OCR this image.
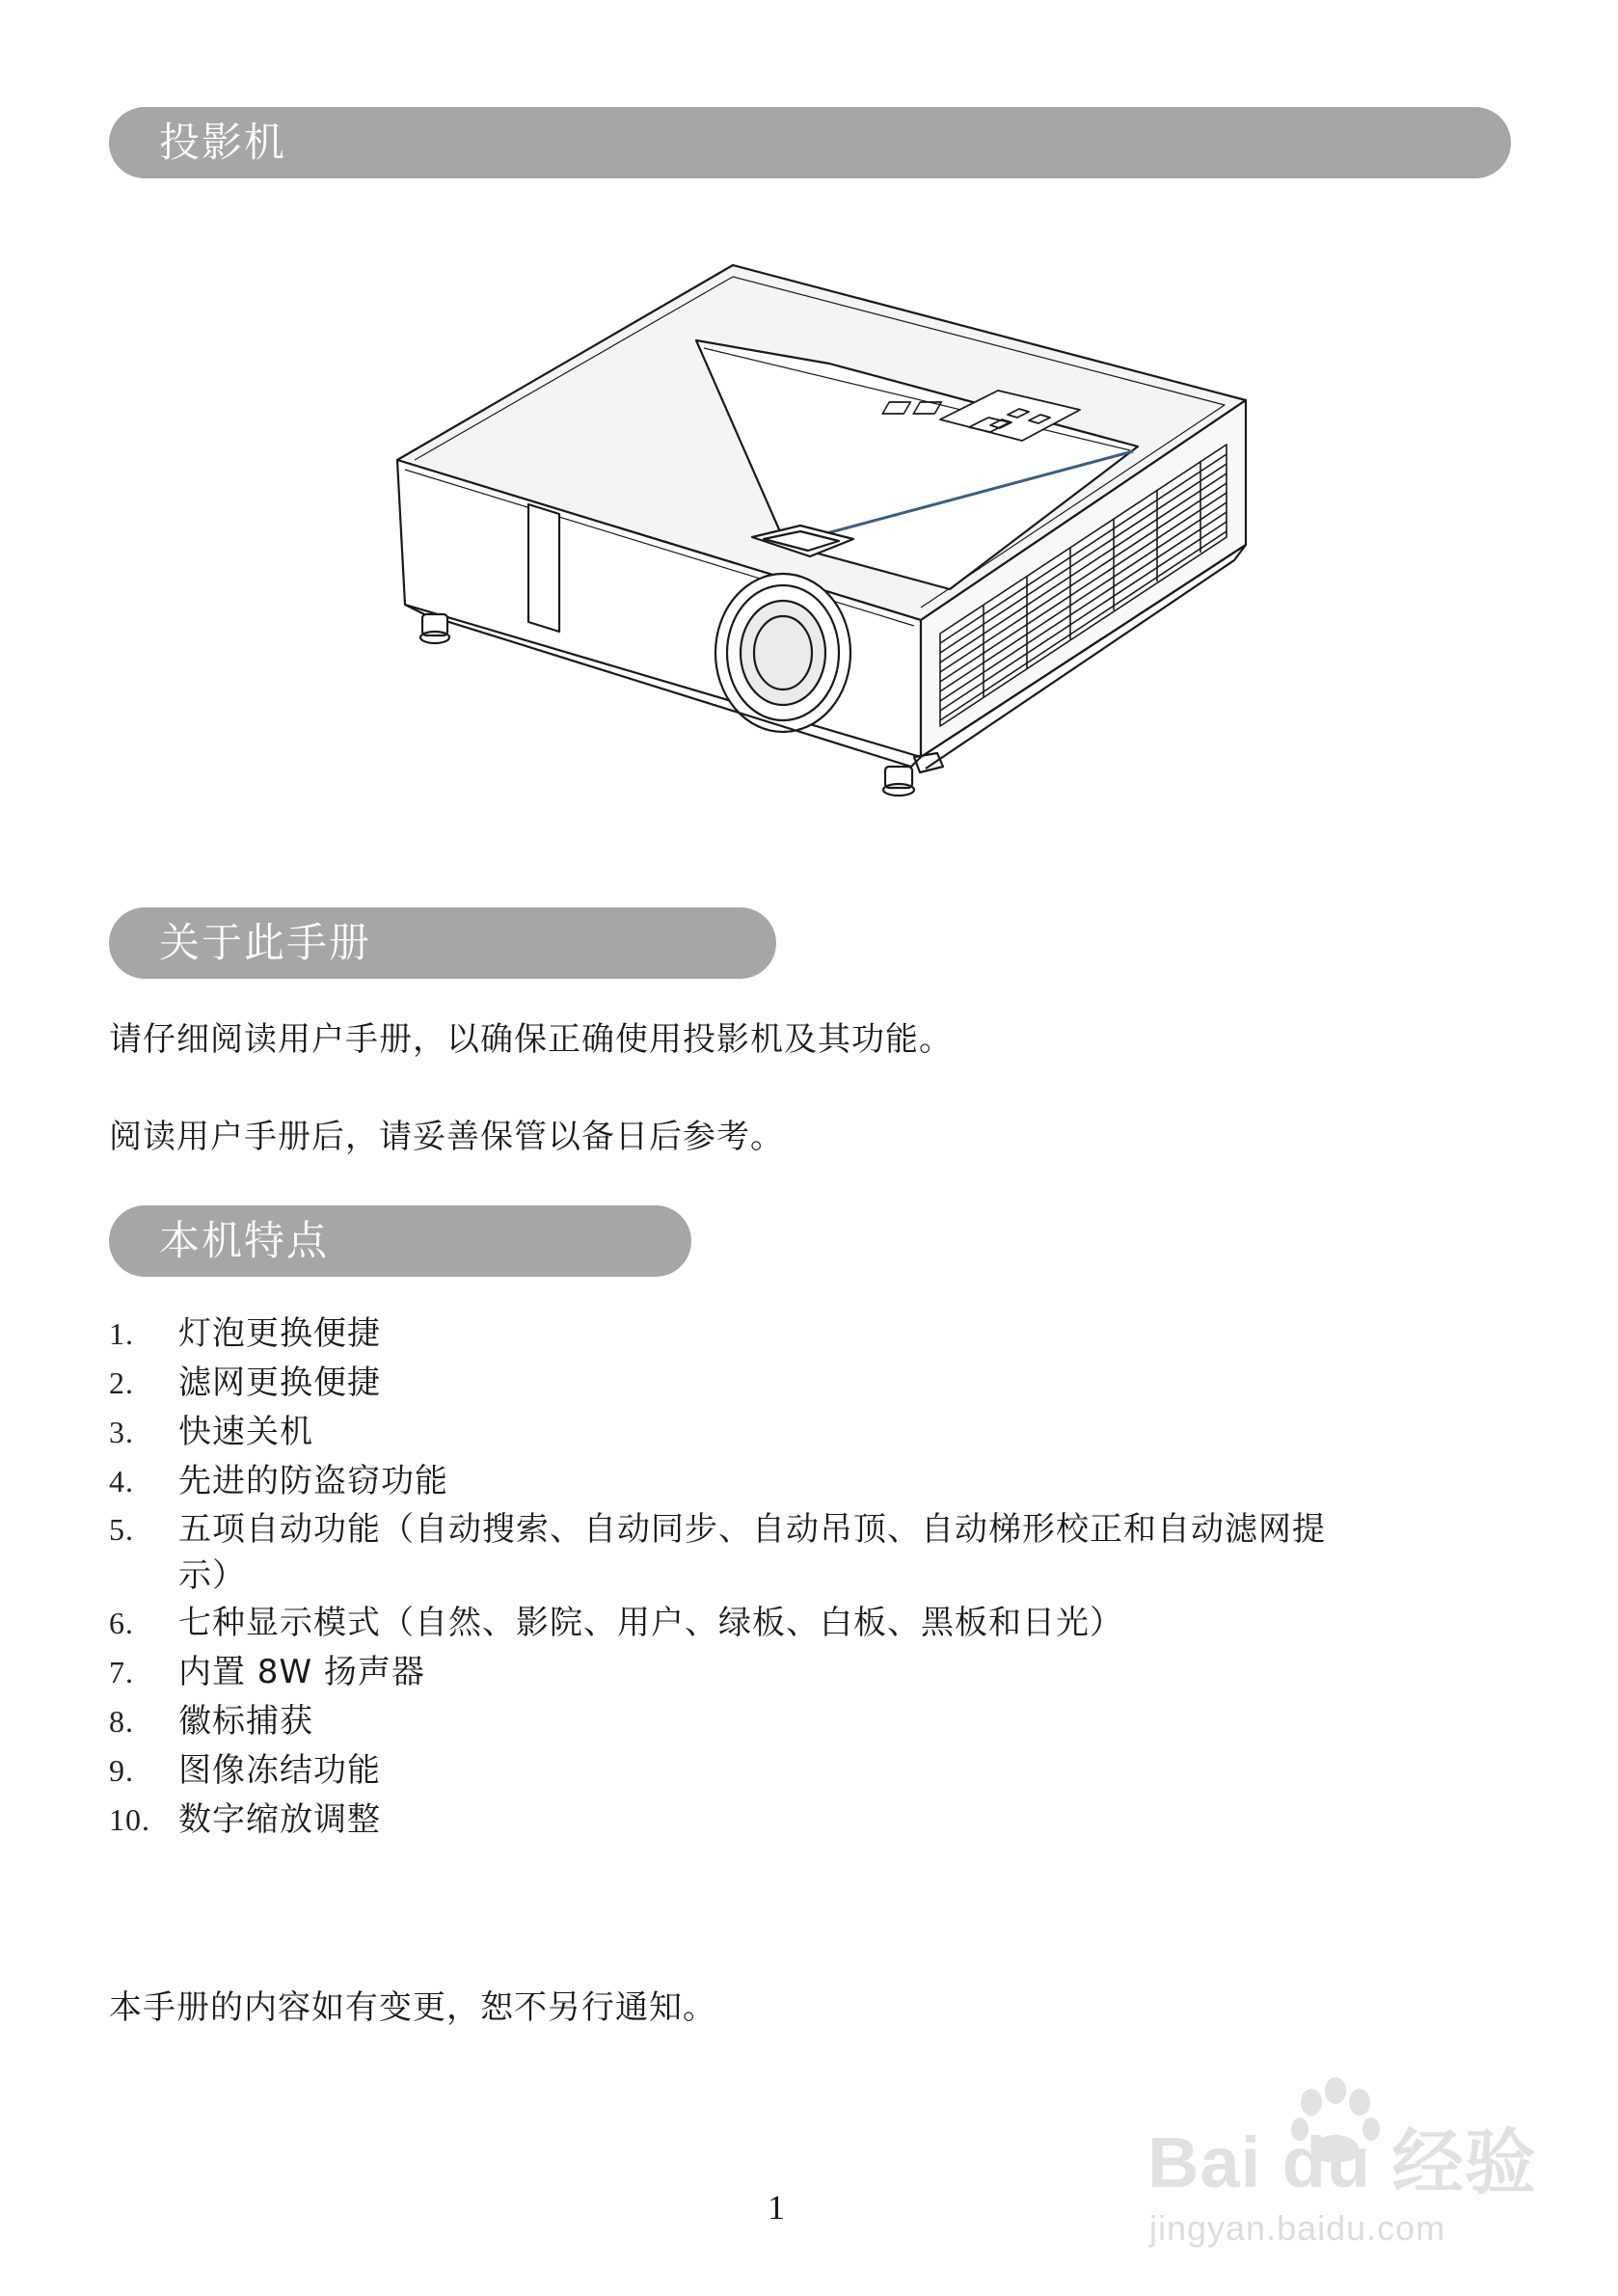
投影机
关于此手册
请仔细阅读用户手册，以确保正确使用投影机及其功能。
阅读用户手册后，请妥善保管以备日后参考。
本机特点
1. 灯泡更换便捷
2. 滤网更换便捷
3. 快速关机
4. 先进的防盗窃功能
5. 五项自动功能（自动搜索、自动同步、自动吊顶、自动梯形校正和自动滤网提示）
6. 七种显示模式（自然、影院、用户、绿板、白板、黑板和日光）
7. 内置 8W 扬声器
8. 徽标捕获
9. 图像冻结功能
10. 数字缩放调整
本手册的内容如有变更，恕不另行通知。
1
Bai du 经验
jingyan.baidu.com
